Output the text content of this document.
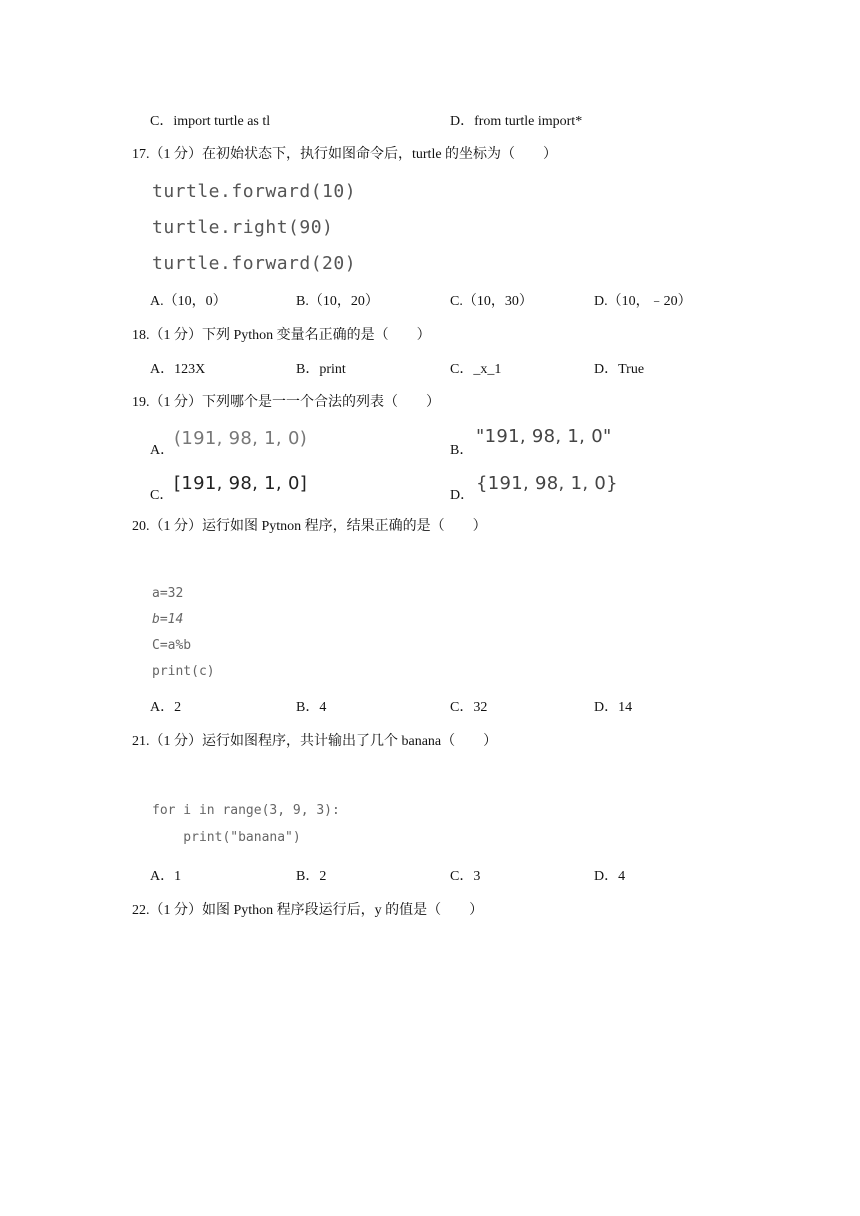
C．import turtle as tl	D．from turtle import*
17.（1 分）在初始状态下，执行如图命令后，turtle 的坐标为（　　）
turtle.forward(10)
turtle.right(90)
turtle.forward(20)
A.（10，0）	B.（10，20）	C.（10，30）	D.（10，﹣20）
18.（1 分）下列 Python 变量名正确的是（　　）
A．123X	B．print	C．_x_1	D．True
19.（1 分）下列哪个是一一个合法的列表（　　）
A．
(191, 98, 1, 0)
B．
"191, 98, 1, 0"
C．
[191, 98, 1, 0]
D．
{191, 98, 1, 0}
20.（1 分）运行如图 Pytnon 程序，结果正确的是（　　）
a=32
b=14
C=a%b
print(c)
A．2	B．4	C．32	D．14
21.（1 分）运行如图程序，共计输出了几个 banana（　　）
for i in range(3, 9, 3):
print("banana")
A．1	B．2	C．3	D．4
22.（1 分）如图 Python 程序段运行后，y 的值是（　　）
